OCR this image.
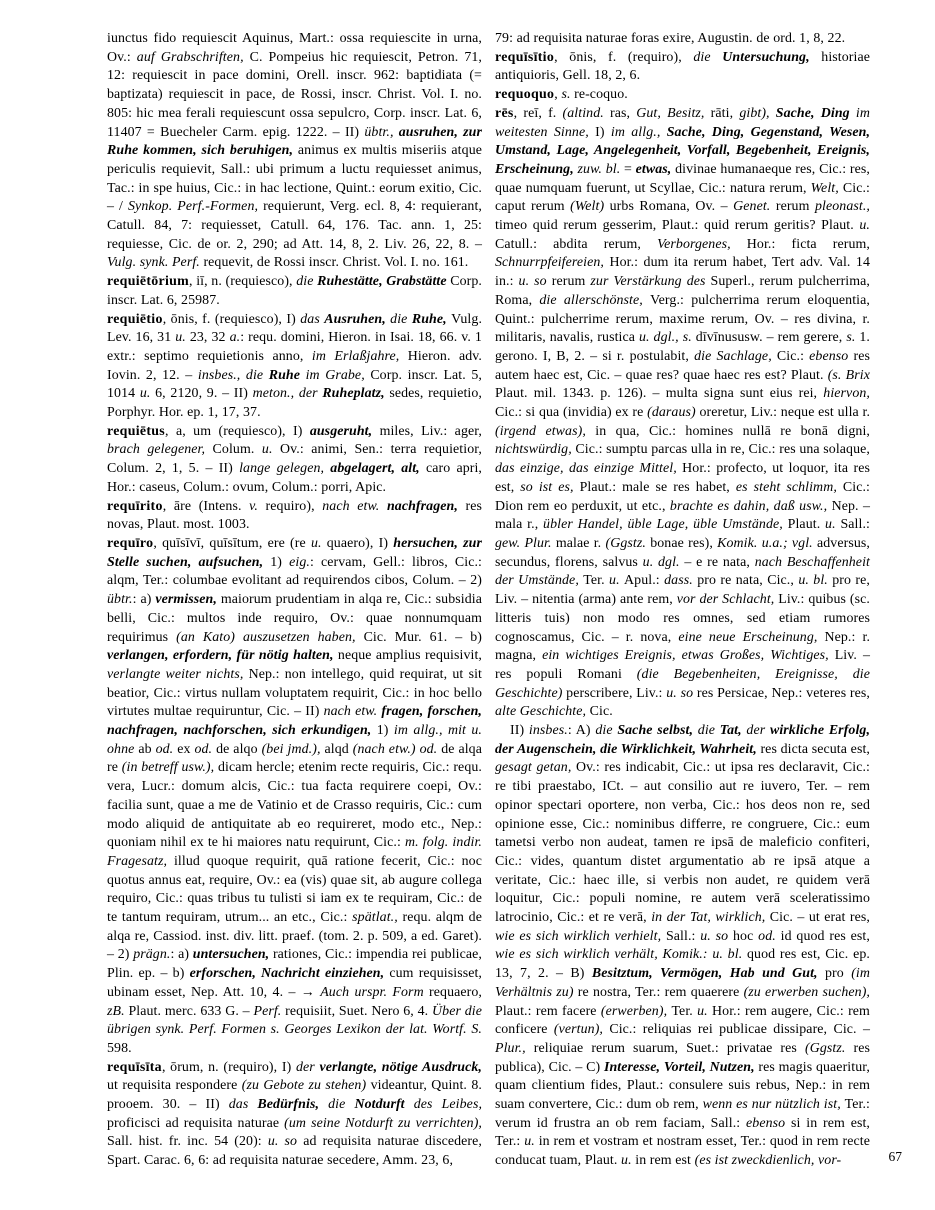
iunctus fido requiescit Aquinus, Mart.: ossa requiescite in urna, Ov.: auf Grabschriften, C. Pompeius hic requiescit, Petron. 71, 12: requiescit in pace domini, Orell. inscr. 962: baptidiata (= baptizata) requiescit in pace, de Rossi, inscr. Christ. Vol. I. no. 805: hic mea ferali requiescunt ossa sepulcro, Corp. inscr. Lat. 6, 11407 = Buecheler Carm. epig. 1222. – II) übtr., ausruhen, zur Ruhe kommen, sich beruhigen, animus ex multis miseriis atque periculis requievit, Sall.: ubi primum a luctu requiesset animus, Tac.: in spe huius, Cic.: in hac lectione, Quint.: eorum exitio, Cic. – / Synkop. Perf.-Formen, requierunt, Verg. ecl. 8, 4: requierant, Catull. 84, 7: requiesset, Catull. 64, 176. Tac. ann. 1, 25: requiesse, Cic. de or. 2, 290; ad Att. 14, 8, 2. Liv. 26, 22, 8. – Vulg. synk. Perf. requevit, de Rossi inscr. Christ. Vol. I. no. 161.

requiētōrium, iī, n. (requiesco), die Ruhestätte, Grabstätte Corp. inscr. Lat. 6, 25987.

requiētio, ōnis, f. (requiesco), I) das Ausruhen, die Ruhe, Vulg. Lev. 16, 31 u. 23, 32 a.: requ. domini, Hieron. in Isai. 18, 66. v. 1 extr.: septimo requietionis anno, im Erlaßjahre, Hieron. adv. Iovin. 2, 12. – insbes., die Ruhe im Grabe, Corp. inscr. Lat. 5, 1014 u. 6, 2120, 9. – II) meton., der Ruheplatz, sedes, requietio, Porphyr. Hor. ep. 1, 17, 37.

requiētus, a, um (requiesco), I) ausgeruht, miles, Liv.: ager, brach gelegener, Colum. u. Ov.: animi, Sen.: terra requietior, Colum. 2, 1, 5. – II) lange gelegen, abgelagert, alt, caro apri, Hor.: caseus, Colum.: ovum, Colum.: porri, Apic.

requīrito, āre (Intens. v. requiro), nach etw. nachfragen, res novas, Plaut. most. 1003.

requīro, quīsīvī, quīsītum, ere (re u. quaero), I) hersuchen, zur Stelle suchen, aufsuchen, 1) eig.: cervam, Gell.: libros, Cic.: alqm, Ter.: columbae evolitant ad requirendos cibos, Colum. – 2) übtr.: a) vermissen, maiorum prudentiam in alqa re, Cic.: subsidia belli, Cic.: multos inde requiro, Ov.: quae nonnumquam requirimus (an Kato) auszusetzen haben, Cic. Mur. 61. – b) verlangen, erfordern, für nötig halten, neque amplius requisivit, verlangte weiter nichts, Nep.: non intellego, quid requirat, ut sit beatior, Cic.: virtus nullam voluptatem requirit, Cic.: in hoc bello virtutes multae requiruntur, Cic. – II) nach etw. fragen, forschen, nachfragen, nachforschen, sich erkundigen, 1) im allg., mit u. ohne ab od. ex od. de alqo (bei jmd.), alqd (nach etw.) od. de alqa re (in betreff usw.), dicam hercle; etenim recte requiris, Cic.: requ. vera, Lucr.: domum alcis, Cic.: tua facta requirere coepi, Ov.: facilia sunt, quae a me de Vatinio et de Crasso requiris, Cic.: cum modo aliquid de antiquitate ab eo requireret, modo etc., Nep.: quoniam nihil ex te hi maiores natu requirunt, Cic.: m. folg. indir. Fragesatz, illud quoque requirit, quā ratione fecerit, Cic.: noc quotus annus eat, require, Ov.: ea (vis) quae sit, ab augure collega requiro, Cic.: quas tribus tu tulisti si iam ex te requiram, Cic.: de te tantum requiram, utrum... an etc., Cic.: spätlat., requ. alqm de alqa re, Cassiod. inst. div. litt. praef. (tom. 2. p. 509, a ed. Garet). – 2) prägn.: a) untersuchen, rationes, Cic.: impendia rei publicae, Plin. ep. – b) erforschen, Nachricht einziehen, cum requisisset, ubinam esset, Nep. Att. 10, 4. – → Auch urspr. Form requaero, zB. Plaut. merc. 633 G. – Perf. requisiit, Suet. Nero 6, 4. Über die übrigen synk. Perf. Formen s. Georges Lexikon der lat. Wortf. S. 598.

requīsīta, ōrum, n. (requiro), I) der verlangte, nötige Ausdruck, ut requisita respondere (zu Gebote zu stehen) videantur, Quint. 8. prooem. 30. – II) das Bedürfnis, die Notdurft des Leibes, proficisci ad requisita naturae (um seine Notdurft zu verrichten), Sall. hist. fr. inc. 54 (20): u. so ad requisita naturae discedere, Spart. Carac. 6, 6: ad requisita naturae secedere, Amm. 23, 6,

79: ad requisita naturae foras exire, Augustin. de ord. 1, 8, 22.

requīsītio, ōnis, f. (requiro), die Untersuchung, historiae antiquioris, Gell. 18, 2, 6.

requoquo, s. re-coquo.

rēs, reī, f. (altind. ras, Gut, Besitz, rāti, gibt), Sache, Ding im weitesten Sinne, I) im allg., Sache, Ding, Gegenstand, Wesen, Umstand, Lage, Angelegenheit, Vorfall, Begebenheit, Ereignis, Erscheinung, zuw. bl. = etwas, divinae humanaeque res, Cic.: res, quae numquam fuerunt, ut Scyllae, Cic.: natura rerum, Welt, Cic.: caput rerum (Welt) urbs Romana, Ov. – Genet. rerum pleonast., timeo quid rerum gesserim, Plaut.: quid rerum geritis? Plaut. u. Catull.: abdita rerum, Verborgenes, Hor.: ficta rerum, Schnurrpfeifereien, Hor.: dum ita rerum habet, Tert adv. Val. 14 in.: u. so rerum zur Verstärkung des Superl., rerum pulcherrima, Roma, die allerschönste, Verg.: pulcherrima rerum eloquentia, Quint.: pulcherrime rerum, maxime rerum, Ov. – res divina, r. militaris, navalis, rustica u. dgl., s. dīvīnususw. – rem gerere, s. 1. gerono. I, B, 2. – si r. postulabit, die Sachlage, Cic.: ebenso res autem haec est, Cic. – quae res? quae haec res est? Plaut. (s. Brix Plaut. mil. 1343. p. 126). – multa signa sunt eius rei, hiervon, Cic.: si qua (invidia) ex re (daraus) oreretur, Liv.: neque est ulla r. (irgend etwas), in qua, Cic.: homines nullā re bonā digni, nichtswürdig, Cic.: sumptu parcas ulla in re, Cic.: res una solaque, das einzige, das einzige Mittel, Hor.: profecto, ut loquor, ita res est, so ist es, Plaut.: male se res habet, es steht schlimm, Cic.: Dion rem eo perduxit, ut etc., brachte es dahin, daß usw., Nep. – mala r., übler Handel, üble Lage, üble Umstände, Plaut. u. Sall.: gew. Plur. malae r. (Ggstz. bonae res), Komik. u.a.; vgl. adversus, secundus, florens, salvus u. dgl. – e re nata, nach Beschaffenheit der Umstände, Ter. u. Apul.: dass. pro re nata, Cic., u. bl. pro re, Liv. – nitentia (arma) ante rem, vor der Schlacht, Liv.: quibus (sc. litteris tuis) non modo res omnes, sed etiam rumores cognoscamus, Cic. – r. nova, eine neue Erscheinung, Nep.: r. magna, ein wichtiges Ereignis, etwas Großes, Wichtiges, Liv. – res populi Romani (die Begebenheiten, Ereignisse, die Geschichte) perscribere, Liv.: u. so res Persicae, Nep.: veteres res, alte Geschichte, Cic.

II) insbes.: A) die Sache selbst, die Tat, der wirkliche Erfolg, der Augenschein, die Wirklichkeit, Wahrheit, res dicta secuta est, gesagt getan, Ov.: res indicabit, Cic.: ut ipsa res declaravit, Cic.: re tibi praestabo, ICt. – aut consilio aut re iuvero, Ter. – rem opinor spectari oportere, non verba, Cic.: hos deos non re, sed opinione esse, Cic.: nominibus differre, re congruere, Cic.: eum tametsi verbo non audeat, tamen re ipsā de maleficio confiteri, Cic.: vides, quantum distet argumentatio ab re ipsā atque a veritate, Cic.: haec ille, si verbis non audet, re quidem verā loquitur, Cic.: populi nomine, re autem verā sceleratissimo latrocinio, Cic.: et re verā, in der Tat, wirklich, Cic. – ut erat res, wie es sich wirklich verhielt, Sall.: u. so hoc od. id quod res est, wie es sich wirklich verhält, Komik.: u. bl. quod res est, Cic. ep. 13, 7, 2. – B) Besitztum, Vermögen, Hab und Gut, pro (im Verhältnis zu) re nostra, Ter.: rem quaerere (zu erwerben suchen), Plaut.: rem facere (erwerben), Ter. u. Hor.: rem augere, Cic.: rem conficere (vertun), Cic.: reliquias rei publicae dissipare, Cic. – Plur., reliquiae rerum suarum, Suet.: privatae res (Ggstz. res publica), Cic. – C) Interesse, Vorteil, Nutzen, res magis quaeritur, quam clientium fides, Plaut.: consulere suis rebus, Nep.: in rem suam convertere, Cic.: dum ob rem, wenn es nur nützlich ist, Ter.: verum id frustra an ob rem faciam, Sall.: ebenso si in rem est, Ter.: u. in rem et vostram et nostram esset, Ter.: quod in rem recte conducat tuam, Plaut. u. in rem est (es ist zweckdienlich, vor-	67
